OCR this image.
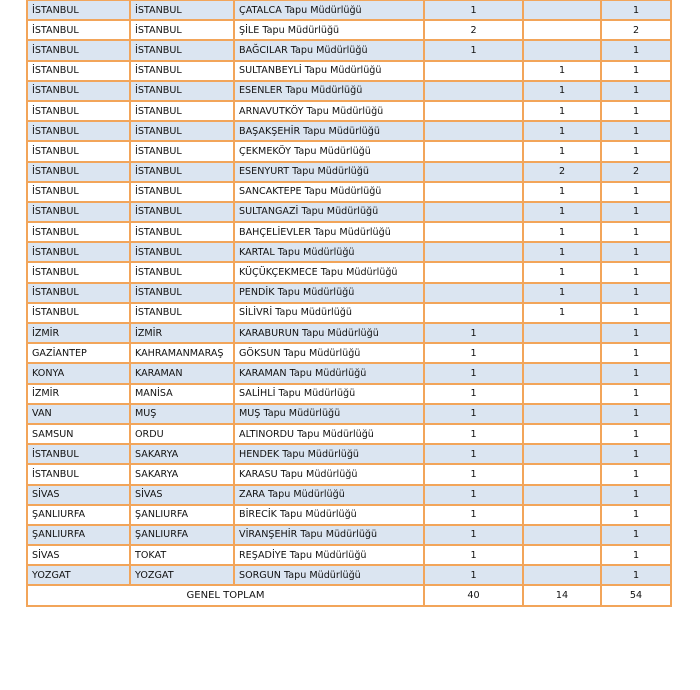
İSTANBUL	İSTANBUL	ÇATALCA Tapu Müdürlüğü	1		1
İSTANBUL	İSTANBUL	ŞİLE Tapu Müdürlüğü	2		2
İSTANBUL	İSTANBUL	BAĞCILAR Tapu Müdürlüğü	1		1
İSTANBUL	İSTANBUL	SULTANBEYLİ Tapu Müdürlüğü		1	1
İSTANBUL	İSTANBUL	ESENLER Tapu Müdürlüğü		1	1
İSTANBUL	İSTANBUL	ARNAVUTKÖY Tapu Müdürlüğü		1	1
İSTANBUL	İSTANBUL	BAŞAKŞEHİR Tapu Müdürlüğü		1	1
İSTANBUL	İSTANBUL	ÇEKMEKÖY Tapu Müdürlüğü		1	1
İSTANBUL	İSTANBUL	ESENYURT Tapu Müdürlüğü		2	2
İSTANBUL	İSTANBUL	SANCAKTEPE Tapu Müdürlüğü		1	1
İSTANBUL	İSTANBUL	SULTANGAZİ Tapu Müdürlüğü		1	1
İSTANBUL	İSTANBUL	BAHÇELİEVLER Tapu Müdürlüğü		1	1
İSTANBUL	İSTANBUL	KARTAL Tapu Müdürlüğü		1	1
İSTANBUL	İSTANBUL	KÜÇÜKÇEKMECE Tapu Müdürlüğü		1	1
İSTANBUL	İSTANBUL	PENDİK Tapu Müdürlüğü		1	1
İSTANBUL	İSTANBUL	SİLİVRİ Tapu Müdürlüğü		1	1
İZMİR	İZMİR	KARABURUN Tapu Müdürlüğü	1		1
GAZİANTEP	KAHRAMANMARAŞ	GÖKSUN Tapu Müdürlüğü	1		1
KONYA	KARAMAN	KARAMAN Tapu Müdürlüğü	1		1
İZMİR	MANİSA	SALİHLİ Tapu Müdürlüğü	1		1
VAN	MUŞ	MUŞ Tapu Müdürlüğü	1		1
SAMSUN	ORDU	ALTINORDU Tapu Müdürlüğü	1		1
İSTANBUL	SAKARYA	HENDEK Tapu Müdürlüğü	1		1
İSTANBUL	SAKARYA	KARASU Tapu Müdürlüğü	1		1
SİVAS	SİVAS	ZARA Tapu Müdürlüğü	1		1
ŞANLIURFA	ŞANLIURFA	BİRECİK Tapu Müdürlüğü	1		1
ŞANLIURFA	ŞANLIURFA	VİRANŞEHİR Tapu Müdürlüğü	1		1
SİVAS	TOKAT	REŞADİYE Tapu Müdürlüğü	1		1
YOZGAT	YOZGAT	SORGUN Tapu Müdürlüğü	1		1
GENEL TOPLAM			40	14	54
